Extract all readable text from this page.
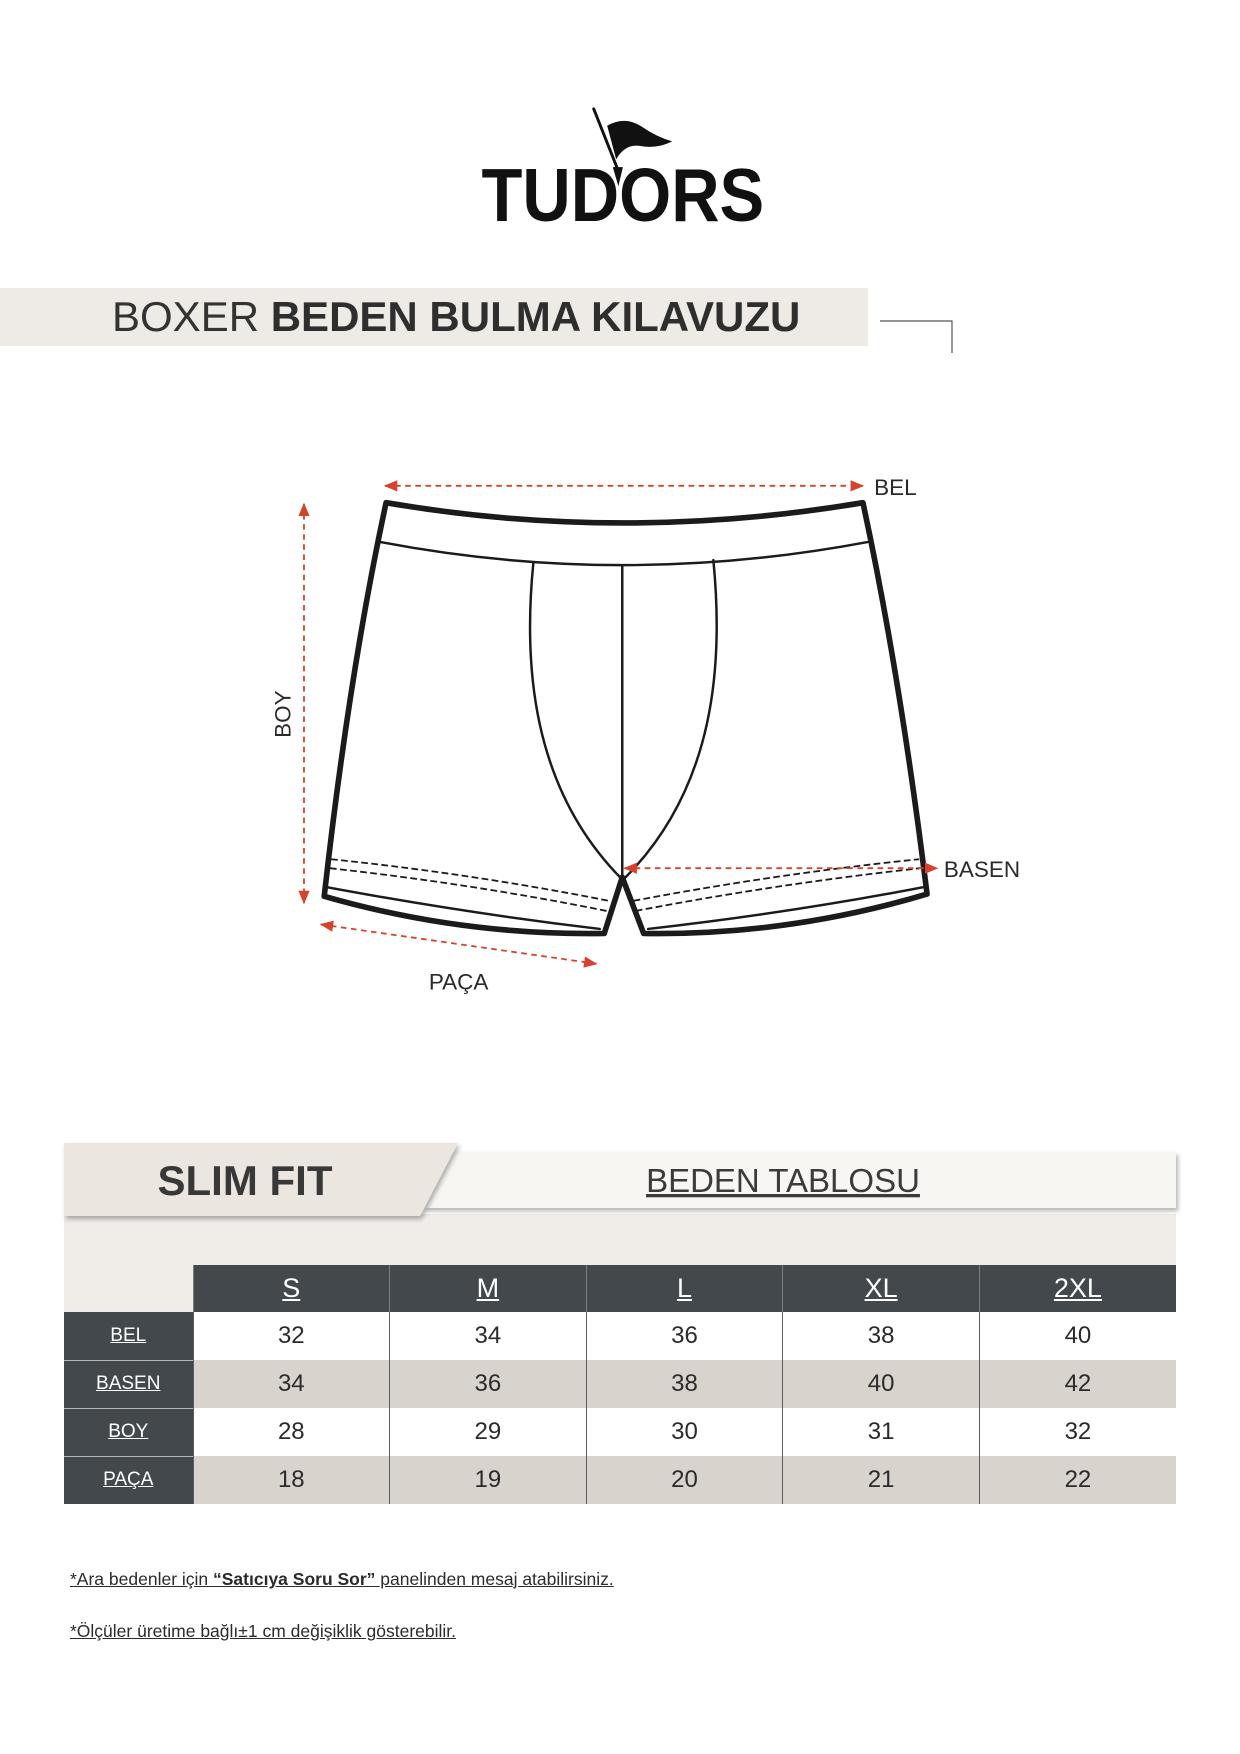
TUDORS
BOXER BEDEN BULMA KILAVUZU
BEL
BASEN
PAÇA
BOY
SLIM FIT	BEDEN TABLOSU
	S	M	L	XL	2XL
BEL	32	34	36	38	40
BASEN	34	36	38	40	42
BOY	28	29	30	31	32
PAÇA	18	19	20	21	22

*Ara bedenler için “Satıcıya Soru Sor” panelinden mesaj atabilirsiniz.

*Ölçüler üretime bağlı±1 cm değişiklik gösterebilir.
